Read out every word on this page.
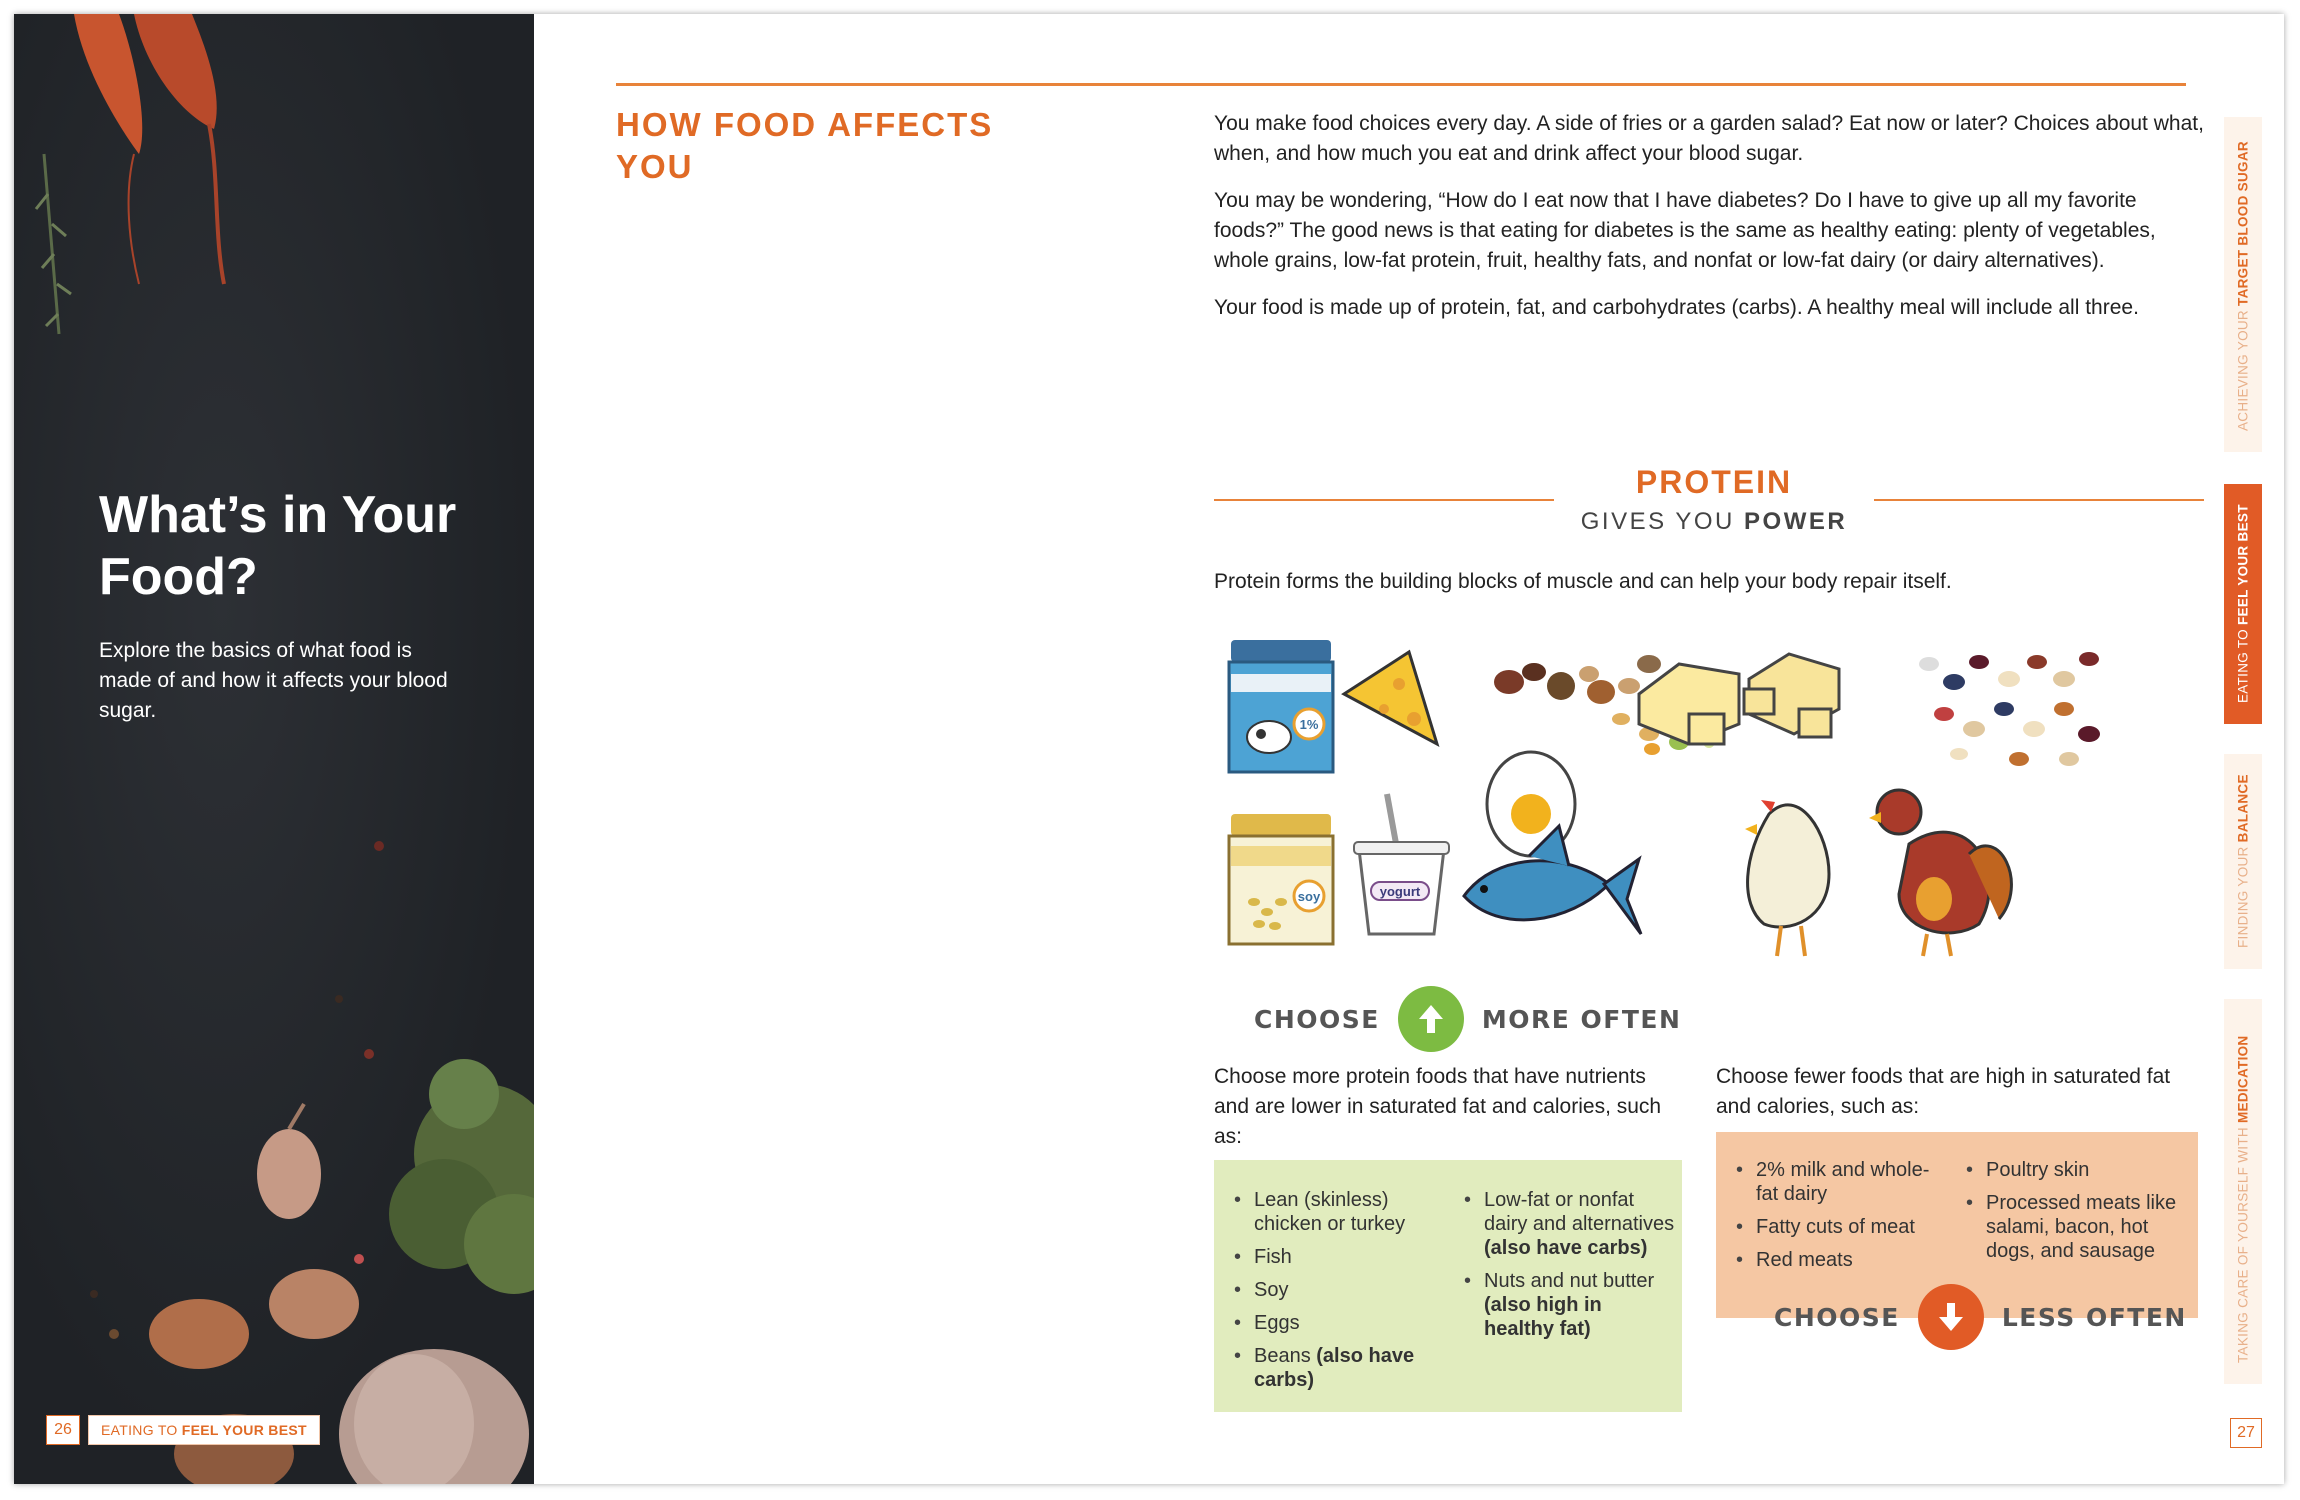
What’s in Your Food?

Explore the basics of what food is made of and how it affects your blood sugar.

26	EATING TO FEEL YOUR BEST
HOW FOOD AFFECTS YOU

You make food choices every day. A side of fries or a garden salad? Eat now or later? Choices about what, when, and how much you eat and drink affect your blood sugar.

You may be wondering, “How do I eat now that I have diabetes? Do I have to give up all my favorite foods?” The good news is that eating for diabetes is the same as healthy eating: plenty of vegetables, whole grains, low-fat protein, fruit, healthy fats, and nonfat or low-fat dairy (or dairy alternatives).

Your food is made up of protein, fat, and carbohydrates (carbs). A healthy meal will include all three.

PROTEIN
GIVES YOU POWER

Protein forms the building blocks of muscle and can help your body repair itself.

1%
soy	yogurt
CHOOSE	MORE OFTEN

Choose more protein foods that have nutrients and are lower in saturated fat and calories, such as:

• Lean (skinless) chicken or turkey
• Fish
• Soy
• Eggs
• Beans (also have carbs)
• Low-fat or nonfat dairy and alternatives (also have carbs)
• Nuts and nut butter (also high in healthy fat)

Choose fewer foods that are high in saturated fat and calories, such as:

• 2% milk and whole-fat dairy
• Fatty cuts of meat
• Red meats
• Poultry skin
• Processed meats like salami, bacon, hot dogs, and sausage
CHOOSE	LESS OFTEN
ACHIEVING YOUR TARGET BLOOD SUGAR
EATING TO FEEL YOUR BEST
FINDING YOUR BALANCE
TAKING CARE OF YOURSELF WITH MEDICATION
27
